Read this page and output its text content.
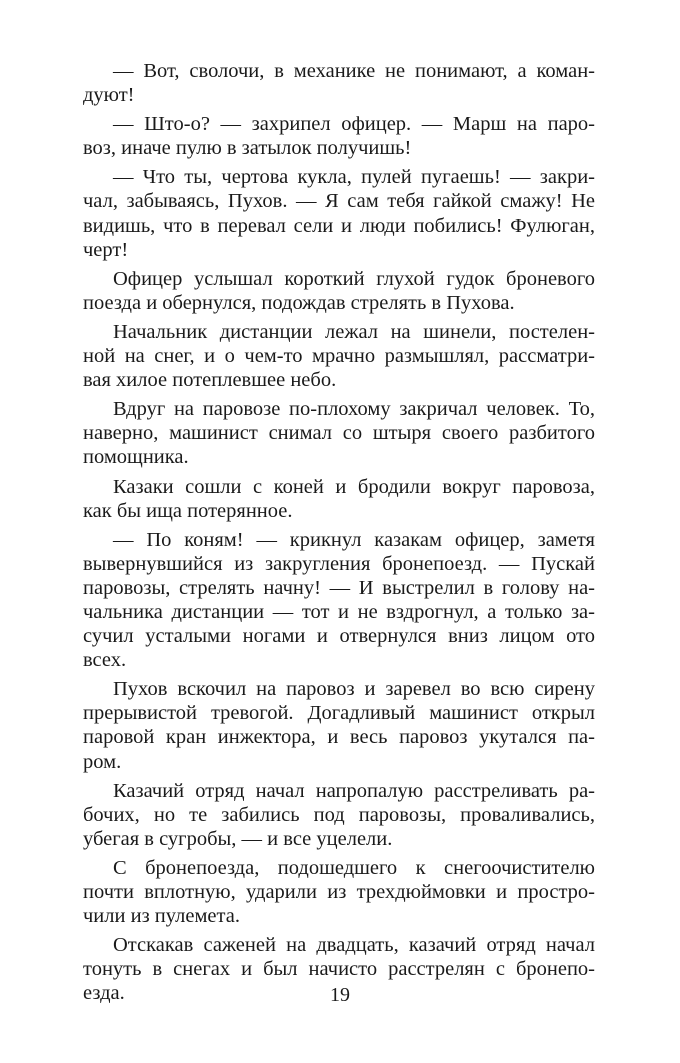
— Вот, сволочи, в механике не понимают, а коман-
дуют!
— Што-о? — захрипел офицер. — Марш на паро-
воз, иначе пулю в затылок получишь!
— Что ты, чертова кукла, пулей пугаешь! — закри-
чал, забываясь, Пухов. — Я сам тебя гайкой смажу! Не
видишь, что в перевал сели и люди побились! Фулюган,
черт!
Офицер услышал короткий глухой гудок броневого
поезда и обернулся, подождав стрелять в Пухова.
Начальник дистанции лежал на шинели, постелен-
ной на снег, и о чем-то мрачно размышлял, рассматри-
вая хилое потеплевшее небо.
Вдруг на паровозе по-плохому закричал человек. То,
наверно, машинист снимал со штыря своего разбитого
помощника.
Казаки сошли с коней и бродили вокруг паровоза,
как бы ища потерянное.
— По коням! — крикнул казакам офицер, заметя
вывернувшийся из закругления бронепоезд. — Пускай
паровозы, стрелять начну! — И выстрелил в голову на-
чальника дистанции — тот и не вздрогнул, а только за-
сучил усталыми ногами и отвернулся вниз лицом ото
всех.
Пухов вскочил на паровоз и заревел во всю сирену
прерывистой тревогой. Догадливый машинист открыл
паровой кран инжектора, и весь паровоз укутался па-
ром.
Казачий отряд начал напропалую расстреливать ра-
бочих, но те забились под паровозы, проваливались,
убегая в сугробы, — и все уцелели.
С бронепоезда, подошедшего к снегоочистителю
почти вплотную, ударили из трехдюймовки и простро-
чили из пулемета.
Отскакав саженей на двадцать, казачий отряд начал
тонуть в снегах и был начисто расстрелян с бронепо-
езда.	19
